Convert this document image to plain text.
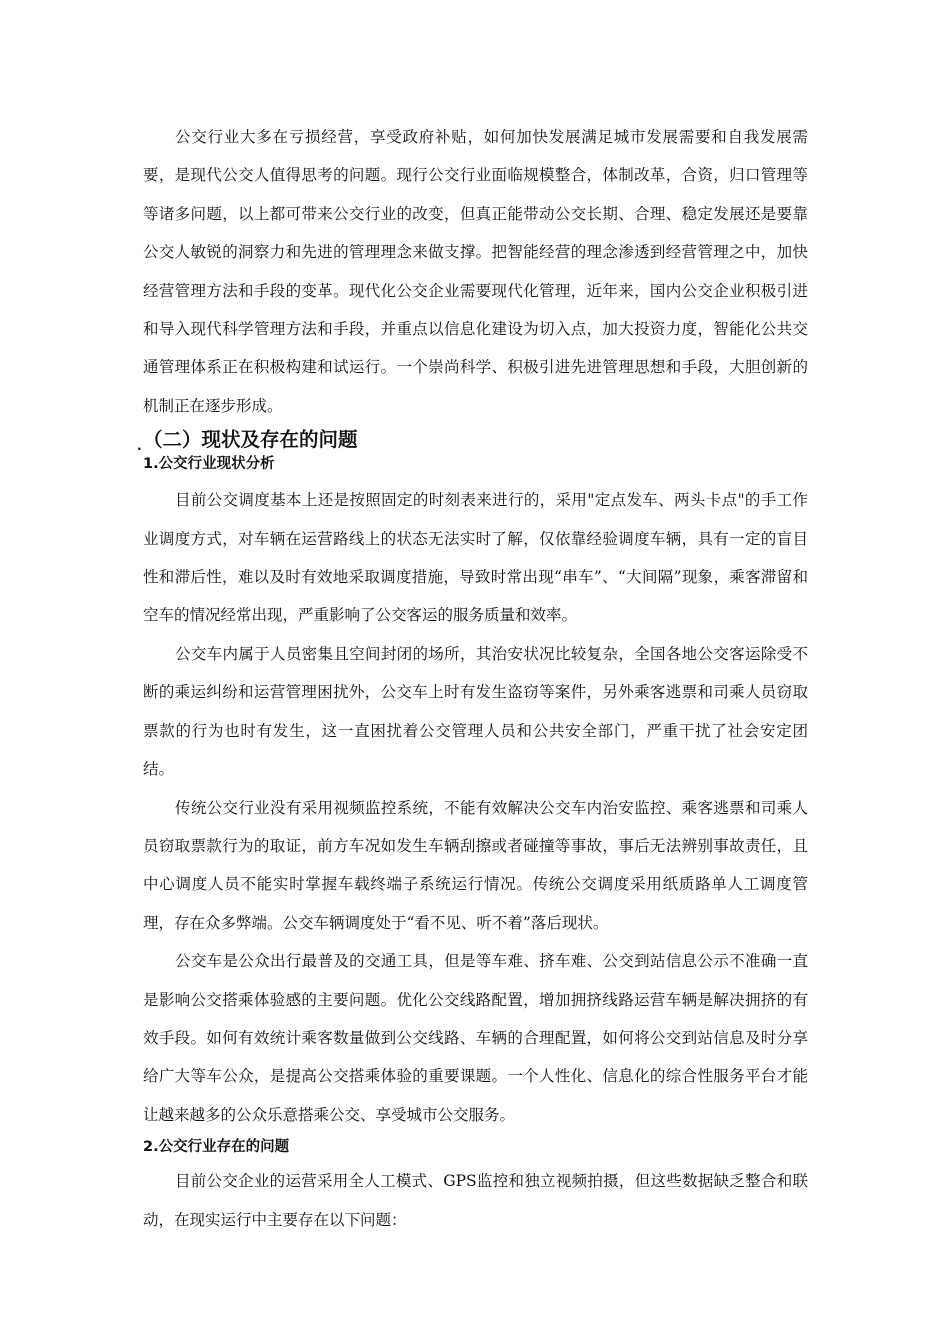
公交行业大多在亏损经营，享受政府补贴，如何加快发展满足城市发展需要和自我发展需要，是现代公交人值得思考的问题。现行公交行业面临规模整合，体制改革，合资，归口管理等等诸多问题，以上都可带来公交行业的改变，但真正能带动公交长期、合理、稳定发展还是要靠公交人敏锐的洞察力和先进的管理理念来做支撑。把智能经营的理念渗透到经营管理之中，加快经营管理方法和手段的变革。现代化公交企业需要现代化管理，近年来，国内公交企业积极引进和导入现代科学管理方法和手段，并重点以信息化建设为切入点，加大投资力度，智能化公共交通管理体系正在积极构建和试运行。一个崇尚科学、积极引进先进管理思想和手段，大胆创新的机制正在逐步形成。

. （二）现状及存在的问题
1.公交行业现状分析

目前公交调度基本上还是按照固定的时刻表来进行的，采用"定点发车、两头卡点"的手工作业调度方式，对车辆在运营路线上的状态无法实时了解，仅依靠经验调度车辆，具有一定的盲目性和滞后性，难以及时有效地采取调度措施，导致时常出现“串车”、“大间隔”现象，乘客滞留和空车的情况经常出现，严重影响了公交客运的服务质量和效率。

公交车内属于人员密集且空间封闭的场所，其治安状况比较复杂，全国各地公交客运除受不断的乘运纠纷和运营管理困扰外，公交车上时有发生盗窃等案件，另外乘客逃票和司乘人员窃取票款的行为也时有发生，这一直困扰着公交管理人员和公共安全部门，严重干扰了社会安定团结。

传统公交行业没有采用视频监控系统，不能有效解决公交车内治安监控、乘客逃票和司乘人员窃取票款行为的取证，前方车况如发生车辆刮擦或者碰撞等事故，事后无法辨别事故责任，且中心调度人员不能实时掌握车载终端子系统运行情况。传统公交调度采用纸质路单人工调度管理，存在众多弊端。公交车辆调度处于“看不见、听不着”落后现状。

公交车是公众出行最普及的交通工具，但是等车难、挤车难、公交到站信息公示不准确一直是影响公交搭乘体验感的主要问题。优化公交线路配置，增加拥挤线路运营车辆是解决拥挤的有效手段。如何有效统计乘客数量做到公交线路、车辆的合理配置，如何将公交到站信息及时分享给广大等车公众，是提高公交搭乘体验的重要课题。一个人性化、信息化的综合性服务平台才能让越来越多的公众乐意搭乘公交、享受城市公交服务。

2.公交行业存在的问题

目前公交企业的运营采用全人工模式、GPS监控和独立视频拍摄，但这些数据缺乏整合和联动，在现实运行中主要存在以下问题：
